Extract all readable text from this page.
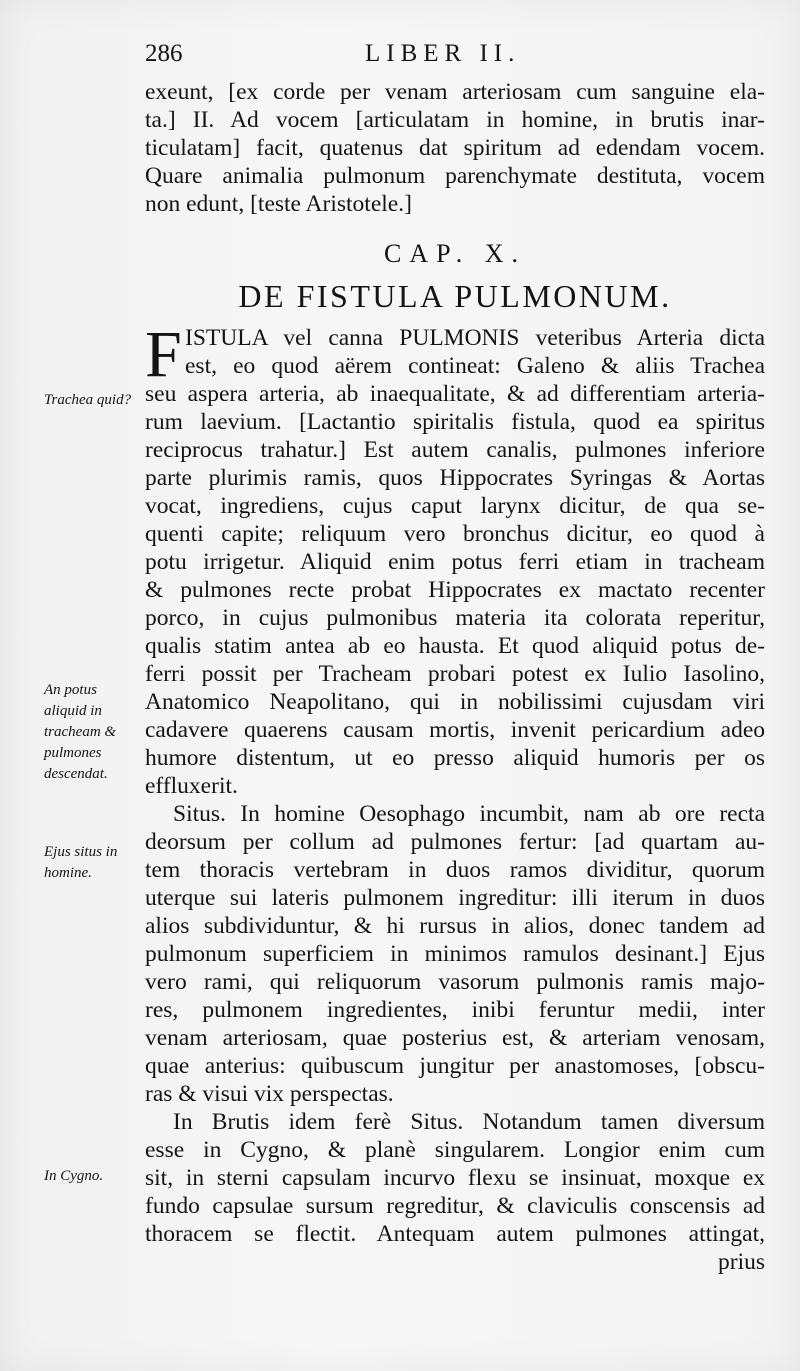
286	LIBER II.
Trachea quid?
An potus aliquid in tracheam & pulmones descendat.
Ejus situs in homine.
In Cygno.
exeunt, [ex corde per venam arteriosam cum sanguine ela-
ta.] II. Ad vocem [articulatam in homine, in brutis inar-
ticulatam] facit, quatenus dat spiritum ad edendam vocem.
Quare animalia pulmonum parenchymate destituta, vocem
non edunt, [teste Aristotele.]
CAP. X.
DE FISTULA PULMONUM.
F ISTULA vel canna PULMONIS veteribus Arteria dicta
est, eo quod aërem contineat: Galeno & aliis Trachea
seu aspera arteria, ab inaequalitate, & ad differentiam arteria-
rum laevium. [Lactantio spiritalis fistula, quod ea spiritus
reciprocus trahatur.] Est autem canalis, pulmones inferiore
parte plurimis ramis, quos Hippocrates Syringas & Aortas
vocat, ingrediens, cujus caput larynx dicitur, de qua se-
quenti capite; reliquum vero bronchus dicitur, eo quod à
potu irrigetur. Aliquid enim potus ferri etiam in tracheam
& pulmones recte probat Hippocrates ex mactato recenter
porco, in cujus pulmonibus materia ita colorata reperitur,
qualis statim antea ab eo hausta. Et quod aliquid potus de-
ferri possit per Tracheam probari potest ex Iulio Iasolino,
Anatomico Neapolitano, qui in nobilissimi cujusdam viri
cadavere quaerens causam mortis, invenit pericardium adeo
humore distentum, ut eo presso aliquid humoris per os
effluxerit.
Situs. In homine Oesophago incumbit, nam ab ore recta
deorsum per collum ad pulmones fertur: [ad quartam au-
tem thoracis vertebram in duos ramos dividitur, quorum
uterque sui lateris pulmonem ingreditur: illi iterum in duos
alios subdividuntur, & hi rursus in alios, donec tandem ad
pulmonum superficiem in minimos ramulos desinant.] Ejus
vero rami, qui reliquorum vasorum pulmonis ramis majo-
res, pulmonem ingredientes, inibi feruntur medii, inter
venam arteriosam, quae posterius est, & arteriam venosam,
quae anterius: quibuscum jungitur per anastomoses, [obscu-
ras & visui vix perspectas.
In Brutis idem ferè Situs. Notandum tamen diversum
esse in Cygno, & planè singularem. Longior enim cum
sit, in sterni capsulam incurvo flexu se insinuat, moxque ex
fundo capsulae sursum regreditur, & claviculis conscensis ad
thoracem se flectit. Antequam autem pulmones attingat,
prius
